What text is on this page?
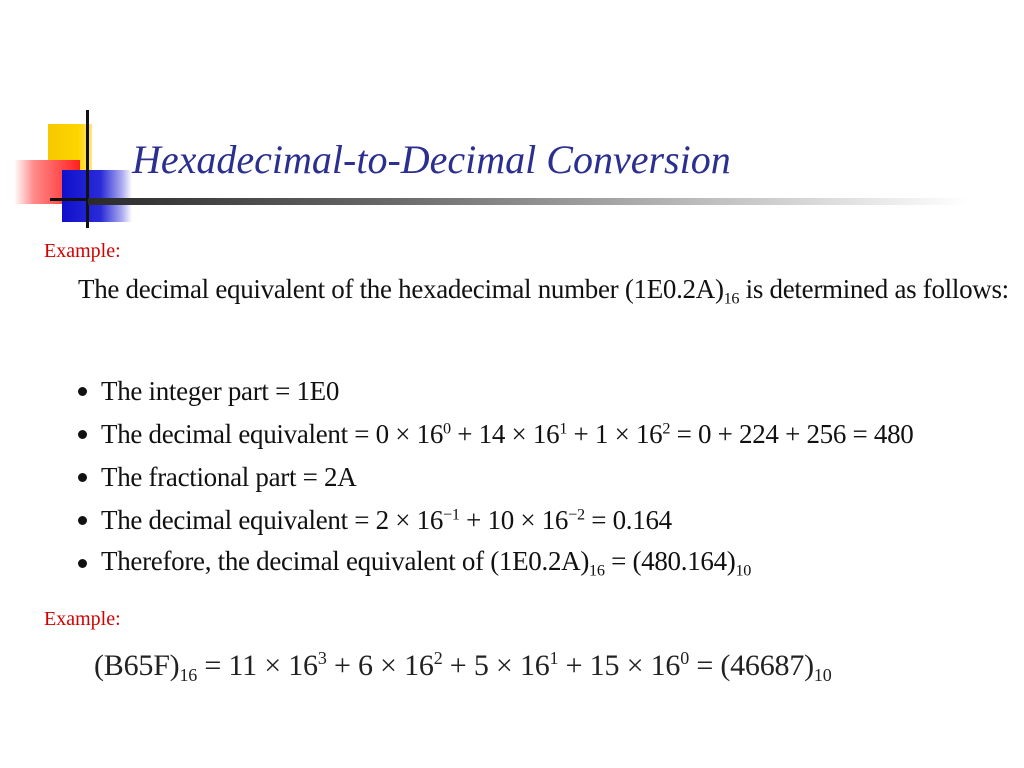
Hexadecimal-to-Decimal Conversion
Example:
The decimal equivalent of the hexadecimal number $(1E0.2A)_{16}$ is determined as follows:
The integer part = 1E0
The decimal equivalent = $0 \times 16^0 + 14 \times 16^1 + 1 \times 16^2 = 0 + 224 + 256 = 480$
The fractional part = 2A
The decimal equivalent = $2 \times 16^{-1} + 10 \times 16^{-2} = 0.164$
Therefore, the decimal equivalent of $(1E0.2A)_{16} = (480.164)_{10}$
Example:
$(B65F)_{16} = 11 \times 16^3 + 6 \times 16^2 + 5 \times 16^1 + 15 \times 16^0 = (46687)_{10}$
